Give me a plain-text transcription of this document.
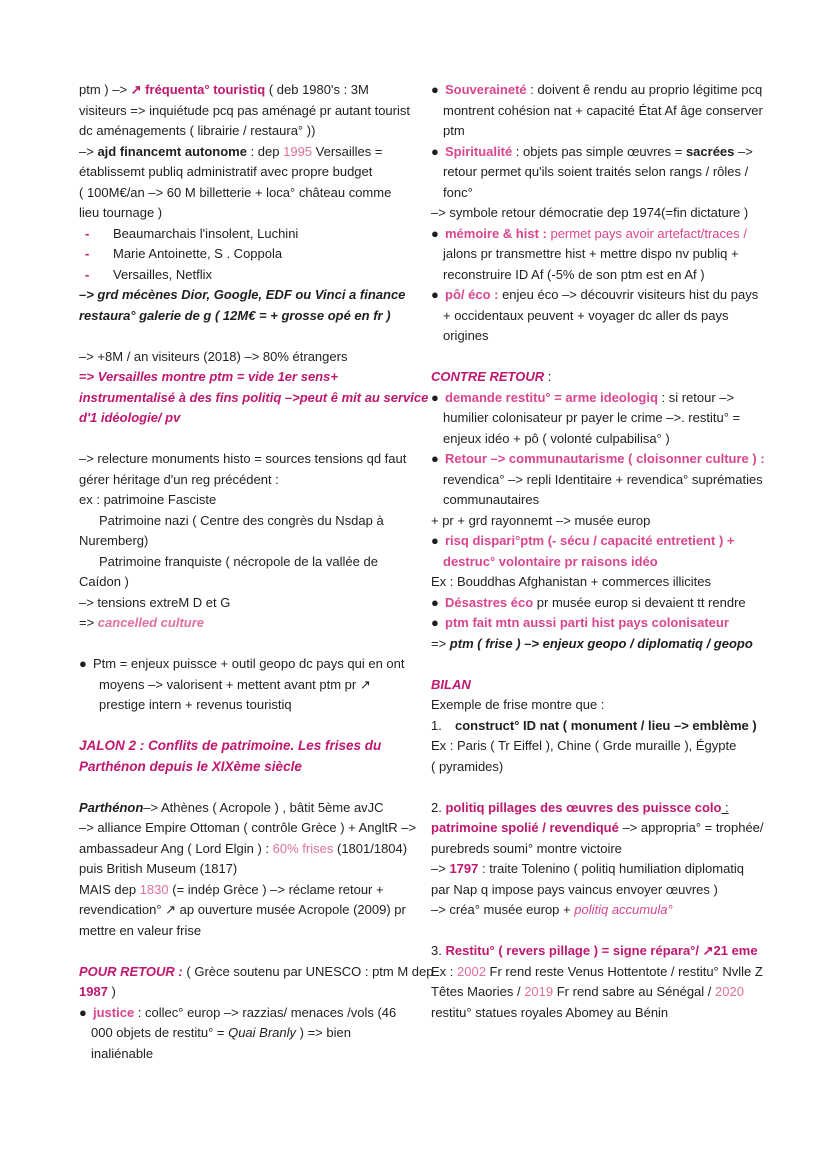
ptm ) –> ↗ fréquenta° touristiq ( deb 1980's : 3M
visiteurs => inquiétude pcq pas aménagé pr autant tourist
dc aménagements ( librairie / restaura° ))
–> ajd financemt autonome : dep 1995 Versailles =
établissemt publiq administratif avec propre budget
( 100M€/an –> 60 M billetterie + loca° château comme
lieu tournage )
- Beaumarchais l'insolent, Luchini
- Marie Antoinette, S . Coppola
- Versailles, Netflix
–> grd mécènes Dior, Google, EDF ou Vinci a finance
restaura° galerie de g ( 12M€ = + grosse opé en fr )
–> +8M / an visiteurs (2018) –> 80% étrangers
=> Versailles montre ptm = vide 1er sens+
instrumentalisé à des fins politiq –>peut ê mit au service
d'1 idéologie/ pv
–> relecture monuments histo = sources tensions qd faut
gérer héritage d'un reg précédent :
ex : patrimoine Fasciste
Patrimoine nazi ( Centre des congrès du Nsdap à
Nuremberg)
Patrimoine franquiste ( nécropole de la vallée de
Caídon )
–> tensions extreM D et G
=> cancelled culture
● Ptm = enjeux puissce + outil geopo dc pays qui en ont
moyens –> valorisent + mettent avant ptm pr ↗
prestige intern + revenus touristiq
JALON 2 : Conflits de patrimoine. Les frises du
Parthénon depuis le XIXème siècle
Parthénon–> Athènes ( Acropole ) , bâtit 5ème avJC
–> alliance Empire Ottoman ( contrôle Grèce ) + AngltR –>
ambassadeur Ang ( Lord Elgin ) : 60% frises (1801/1804)
puis British Museum (1817)
MAIS dep 1830 (= indép Grèce ) –> réclame retour +
revendication° ↗ ap ouverture musée Acropole (2009) pr
mettre en valeur frise
POUR RETOUR : ( Grèce soutenu par UNESCO : ptm M dep
1987 )
● justice : collec° europ –> razzias/ menaces /vols (46
000 objets de restitu° = Quai Branly ) => bien
inaliénable
● Souveraineté : doivent ê rendu au proprio légitime pcq
montrent cohésion nat + capacité État Af âge conserver
ptm
● Spiritualité : objets pas simple œuvres = sacrées –>
retour permet qu'ils soient traités selon rangs / rôles /
fonc°
–> symbole retour démocratie dep 1974(=fin dictature )
● mémoire & hist : permet pays avoir artefact/traces /
jalons pr transmettre hist + mettre dispo nv publiq +
reconstruire ID Af (-5% de son ptm est en Af )
● pô/ éco : enjeu éco –> découvrir visiteurs hist du pays
+ occidentaux peuvent + voyager dc aller ds pays
origines
CONTRE RETOUR :
● demande restitu° = arme ideologiq : si retour –>
humilier colonisateur pr payer le crime –>. restitu° =
enjeux idéo + pô ( volonté culpabilisa° )
● Retour –> communautarisme ( cloisonner culture ) :
revendica° –> repli Identitaire + revendica° suprématies
communautaires
+ pr + grd rayonnemt –> musée europ
● risq dispari°ptm (- sécu / capacité entretient ) +
destruc° volontaire pr raisons idéo
Ex : Bouddhas Afghanistan + commerces illicites
● Désastres éco pr musée europ si devaient tt rendre
● ptm fait mtn aussi parti hist pays colonisateur
=> ptm ( frise ) –> enjeux geopo / diplomatiq / geopo
BILAN
Exemple de frise montre que :
1. construct° ID nat ( monument / lieu –> emblème )
Ex : Paris ( Tr Eiffel ), Chine ( Grde muraille ), Égypte
( pyramides)
2. politiq pillages des œuvres des puissce colo :
patrimoine spolié / revendiqué –> appropria° = trophée/
purebreds soumi° montre victoire
–> 1797 : traite Tolenino ( politiq humiliation diplomatiq
par Nap q impose pays vaincus envoyer œuvres )
–> créa° musée europ + politiq accumula°
3. Restitu° ( revers pillage ) = signe répara°/ ↗21 eme
Ex : 2002 Fr rend reste Venus Hottentote / restitu° Nvlle Z
Têtes Maories / 2019 Fr rend sabre au Sénégal / 2020
restitu° statues royales Abomey au Bénin
